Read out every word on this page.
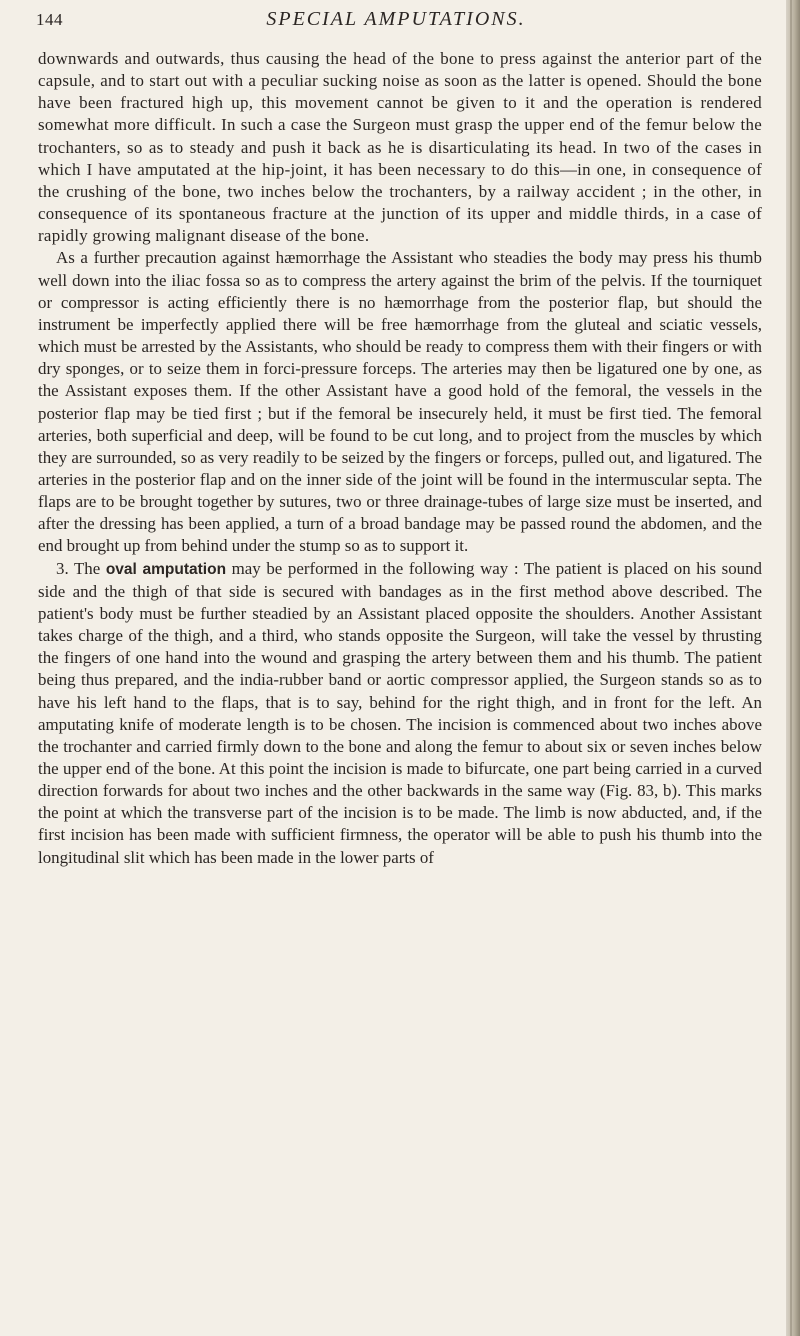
144	SPECIAL AMPUTATIONS.

downwards and outwards, thus causing the head of the bone to press against the anterior part of the capsule, and to start out with a peculiar sucking noise as soon as the latter is opened. Should the bone have been fractured high up, this movement cannot be given to it and the operation is rendered somewhat more difficult. In such a case the Surgeon must grasp the upper end of the femur below the trochanters, so as to steady and push it back as he is disarticulating its head. In two of the cases in which I have amputated at the hip-joint, it has been necessary to do this—in one, in consequence of the crushing of the bone, two inches below the trochanters, by a railway accident ; in the other, in consequence of its spontaneous fracture at the junction of its upper and middle thirds, in a case of rapidly growing malignant disease of the bone.

As a further precaution against hæmorrhage the Assistant who steadies the body may press his thumb well down into the iliac fossa so as to compress the artery against the brim of the pelvis. If the tourniquet or compressor is acting efficiently there is no hæmorrhage from the posterior flap, but should the instrument be imperfectly applied there will be free hæmorrhage from the gluteal and sciatic vessels, which must be arrested by the Assistants, who should be ready to compress them with their fingers or with dry sponges, or to seize them in forci-pressure forceps. The arteries may then be ligatured one by one, as the Assistant exposes them. If the other Assistant have a good hold of the femoral, the vessels in the posterior flap may be tied first ; but if the femoral be insecurely held, it must be first tied. The femoral arteries, both superficial and deep, will be found to be cut long, and to project from the muscles by which they are surrounded, so as very readily to be seized by the fingers or forceps, pulled out, and ligatured. The arteries in the posterior flap and on the inner side of the joint will be found in the intermuscular septa. The flaps are to be brought together by sutures, two or three drainage-tubes of large size must be inserted, and after the dressing has been applied, a turn of a broad bandage may be passed round the abdomen, and the end brought up from behind under the stump so as to support it.

3. The oval amputation may be performed in the following way : The patient is placed on his sound side and the thigh of that side is secured with bandages as in the first method above described. The patient's body must be further steadied by an Assistant placed opposite the shoulders. Another Assistant takes charge of the thigh, and a third, who stands opposite the Surgeon, will take the vessel by thrusting the fingers of one hand into the wound and grasping the artery between them and his thumb. The patient being thus prepared, and the india-rubber band or aortic compressor applied, the Surgeon stands so as to have his left hand to the flaps, that is to say, behind for the right thigh, and in front for the left. An amputating knife of moderate length is to be chosen. The incision is commenced about two inches above the trochanter and carried firmly down to the bone and along the femur to about six or seven inches below the upper end of the bone. At this point the incision is made to bifurcate, one part being carried in a curved direction forwards for about two inches and the other backwards in the same way (Fig. 83, b). This marks the point at which the transverse part of the incision is to be made. The limb is now abducted, and, if the first incision has been made with sufficient firmness, the operator will be able to push his thumb into the longitudinal slit which has been made in the lower parts of
